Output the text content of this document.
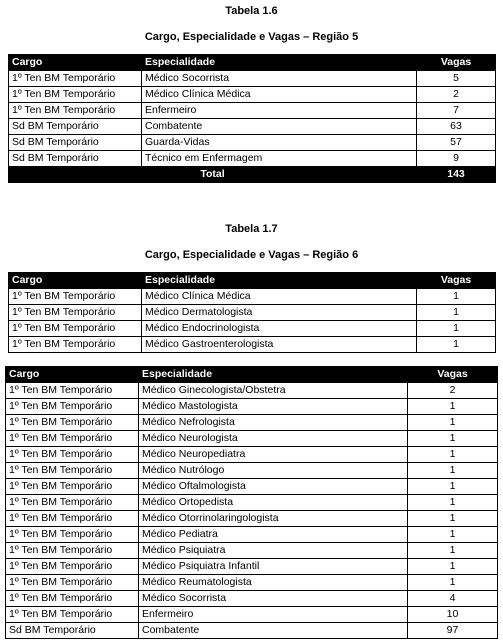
Tabela 1.6
Cargo, Especialidade e Vagas – Região 5
Cargo	Especialidade	Vagas
1º Ten BM Temporário	Médico Socorrista	5
1º Ten BM Temporário	Médico Clínica Médica	2
1º Ten BM Temporário	Enfermeiro	7
Sd BM Temporário	Combatente	63
Sd BM Temporário	Guarda-Vidas	57
Sd BM Temporário	Técnico em Enfermagem	9
Total		143
Tabela 1.7
Cargo, Especialidade e Vagas – Região 6
Cargo	Especialidade	Vagas
1º Ten BM Temporário	Médico Clínica Médica	1
1º Ten BM Temporário	Médico Dermatologista	1
1º Ten BM Temporário	Médico Endocrinologista	1
1º Ten BM Temporário	Médico Gastroenterologista	1
Cargo	Especialidade	Vagas
1º Ten BM Temporário	Médico Ginecologista/Obstetra	2
1º Ten BM Temporário	Médico Mastologista	1
1º Ten BM Temporário	Médico Nefrologista	1
1º Ten BM Temporário	Médico Neurologista	1
1º Ten BM Temporário	Médico Neuropediatra	1
1º Ten BM Temporário	Médico Nutrólogo	1
1º Ten BM Temporário	Médico Oftalmologista	1
1º Ten BM Temporário	Médico Ortopedista	1
1º Ten BM Temporário	Médico Otorrinolaringologista	1
1º Ten BM Temporário	Médico Pediatra	1
1º Ten BM Temporário	Médico Psiquiatra	1
1º Ten BM Temporário	Médico Psiquiatra Infantil	1
1º Ten BM Temporário	Médico Reumatologista	1
1º Ten BM Temporário	Médico Socorrista	4
1º Ten BM Temporário	Enfermeiro	10
Sd BM Temporário	Combatente	97
